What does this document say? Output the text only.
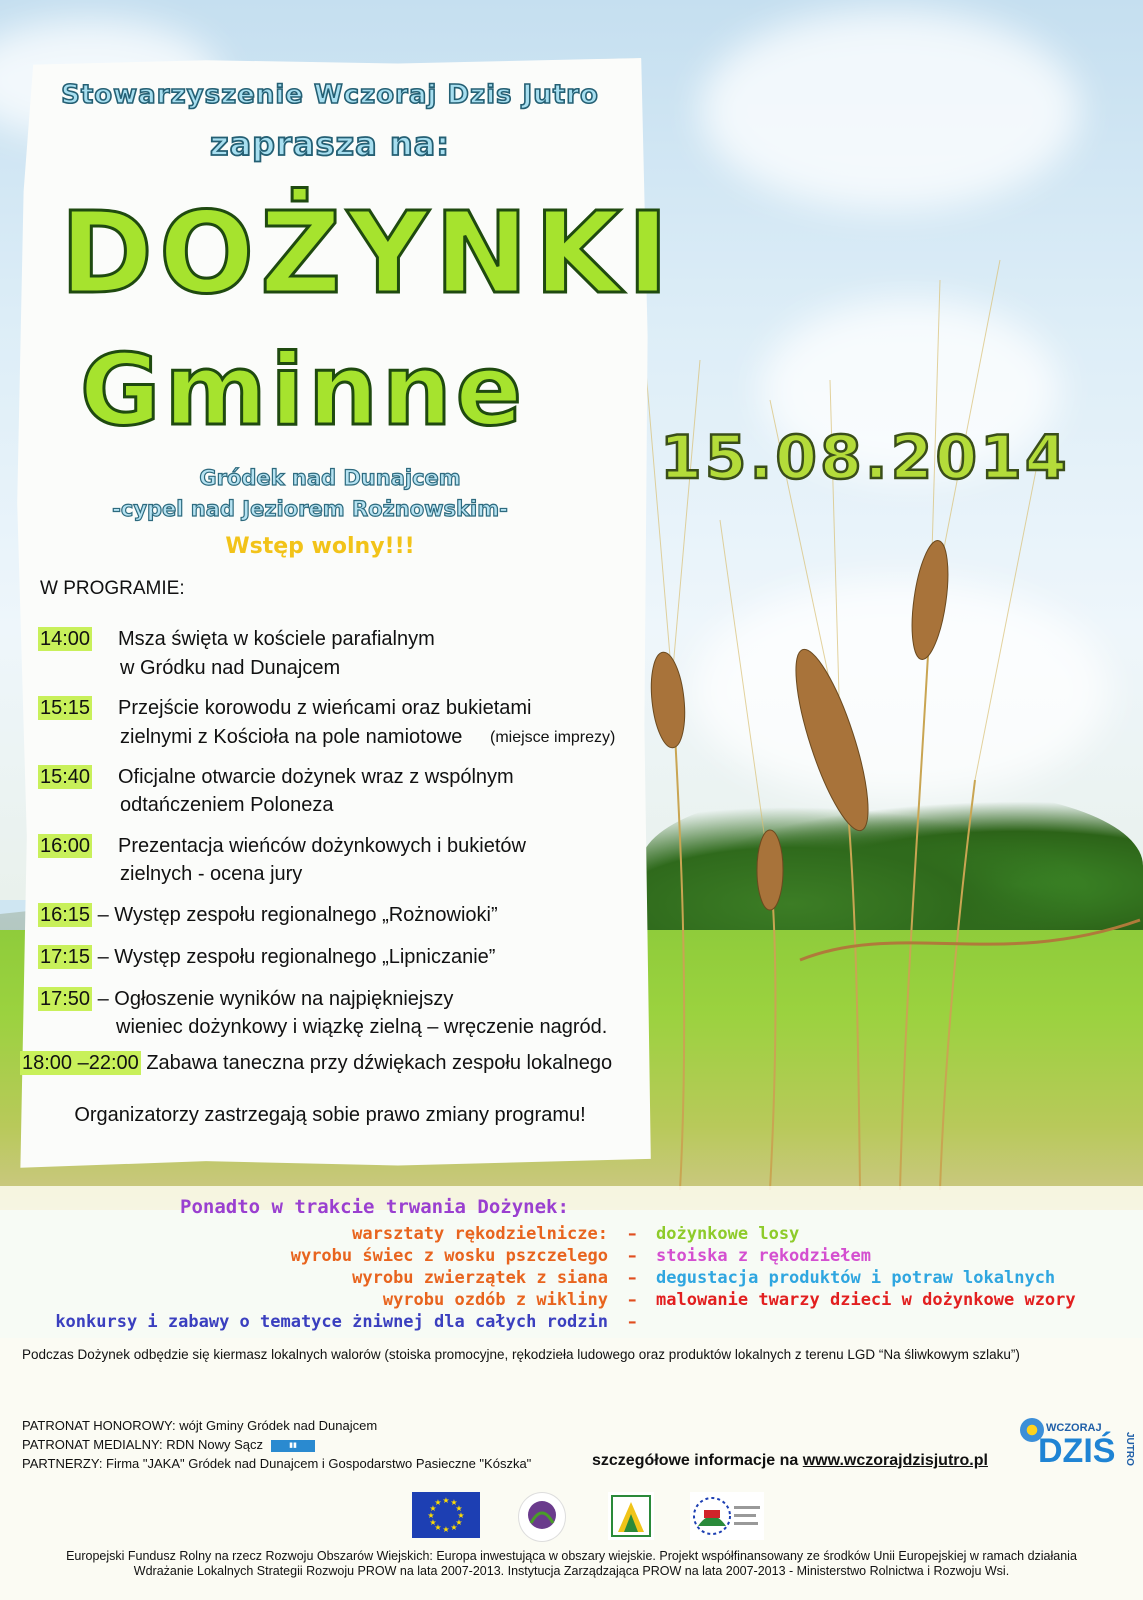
Stowarzyszenie Wczoraj Dzis Jutro
zaprasza na:
DOŻYNKI
Gminne
15.08.2014
Gródek nad Dunajcem
-cypel nad Jeziorem Rożnowskim-
Wstęp wolny!!!
W PROGRAMIE:
14:00 Msza święta w kościele parafialnym
w Gródku nad Dunajcem
15:15 Przejście korowodu z wieńcami oraz bukietami
zielnymi z Kościoła na pole namiotowe (miejsce imprezy)
15:40 Oficjalne otwarcie dożynek wraz z wspólnym
odtańczeniem Poloneza
16:00 Prezentacja wieńców dożynkowych i bukietów
zielnych - ocena jury
16:15 – Występ zespołu regionalnego „Rożnowioki”
17:15 – Występ zespołu regionalnego „Lipniczanie”
17:50 – Ogłoszenie wyników na najpiękniejszy
wieniec dożynkowy i wiązkę zielną – wręczenie nagród.
18:00 –22:00 Zabawa taneczna przy dźwiękach zespołu lokalnego
Organizatorzy zastrzegają sobie prawo zmiany programu!
Ponadto w trakcie trwania Dożynek:
warsztaty rękodzielnicze:
wyrobu świec z wosku pszczelego
wyrobu zwierzątek z siana
wyrobu ozdób z wikliny
konkursy i zabawy o tematyce żniwnej dla całych rodzin
–
–
–
–
–
dożynkowe losy
stoiska z rękodziełem
degustacja produktów i potraw lokalnych
malowanie twarzy dzieci w dożynkowe wzory
Podczas Dożynek odbędzie się kiermasz lokalnych walorów (stoiska promocyjne, rękodzieła ludowego oraz produktów lokalnych z terenu LGD “Na śliwkowym szlaku”)
PATRONAT HONOROWY: wójt Gminy Gródek nad Dunajcem
PATRONAT MEDIALNY: RDN Nowy Sącz	▮▮
PARTNERZY: Firma "JAKA" Gródek nad Dunajcem i Gospodarstwo Pasieczne "Kószka"	szczegółowe informacje na www.wczorajdzisjutro.pl
WCZORAJ
DZIŚ JUTRO
★ ★
★
★
★
★
★
★
★
★
★
★
Europejski Fundusz Rolny na rzecz Rozwoju Obszarów Wiejskich: Europa inwestująca w obszary wiejskie. Projekt współfinansowany ze środków Unii Europejskiej w ramach działania
Wdrażanie Lokalnych Strategii Rozwoju PROW na lata 2007-2013. Instytucja Zarządzająca PROW na lata 2007-2013 - Ministerstwo Rolnictwa i Rozwoju Wsi.
